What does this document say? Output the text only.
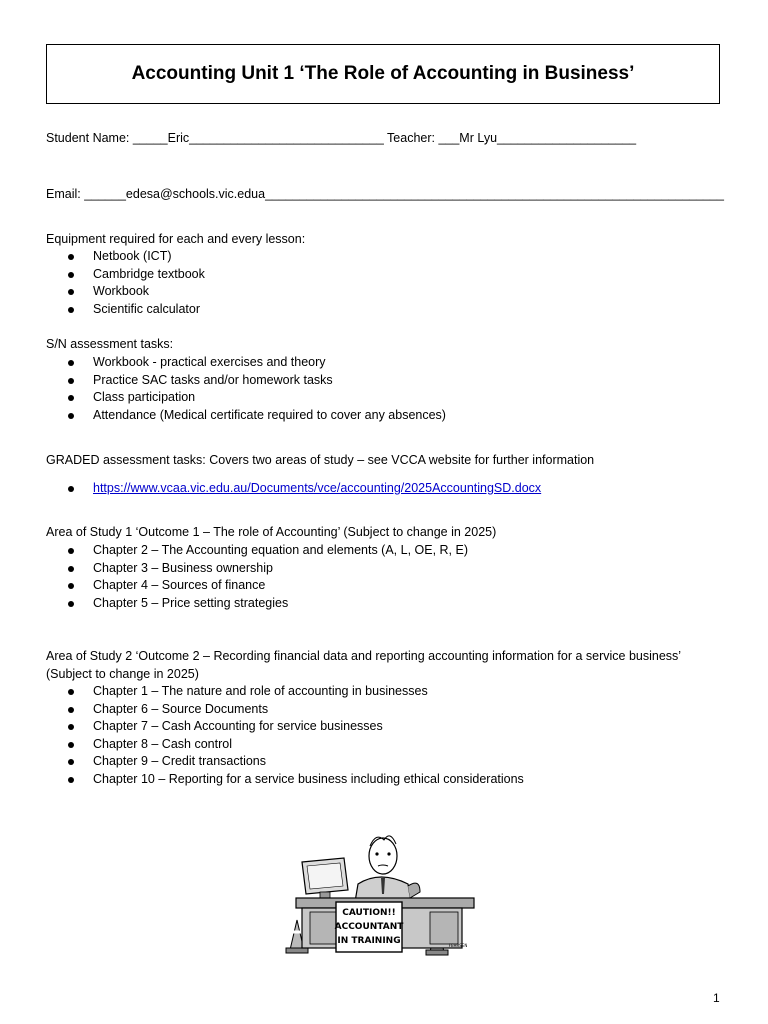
Accounting Unit 1 ‘The Role of Accounting in Business’
Student Name: _____Eric____________________________ Teacher: ___Mr Lyu____________________
Email: ______edesa@schools.vic.edua__________________________________________________________________
Equipment required for each and every lesson:
Netbook (ICT)
Cambridge textbook
Workbook
Scientific calculator
S/N assessment tasks:
Workbook - practical exercises and theory
Practice SAC tasks and/or homework tasks
Class participation
Attendance (Medical certificate required to cover any absences)
GRADED assessment tasks: Covers two areas of study – see VCCA website for further information
https://www.vcaa.vic.edu.au/Documents/vce/accounting/2025AccountingSD.docx
Area of Study 1 ‘Outcome 1 – The role of Accounting’ (Subject to change in 2025)
Chapter 2 – The Accounting equation and elements (A, L, OE, R, E)
Chapter 3 – Business ownership
Chapter 4 – Sources of finance
Chapter 5 – Price setting strategies
Area of Study 2 ‘Outcome 2 – Recording financial data and reporting accounting information for a service business’ (Subject to change in 2025)
Chapter 1 – The nature and role of accounting in businesses
Chapter 6 – Source Documents
Chapter 7 – Cash Accounting for service businesses
Chapter 8 – Cash control
Chapter 9 – Credit transactions
Chapter 10 – Reporting for a service business including ethical considerations
CAUTION!!
ACCOUNTANT
IN TRAINING	FEHRSEN
1
